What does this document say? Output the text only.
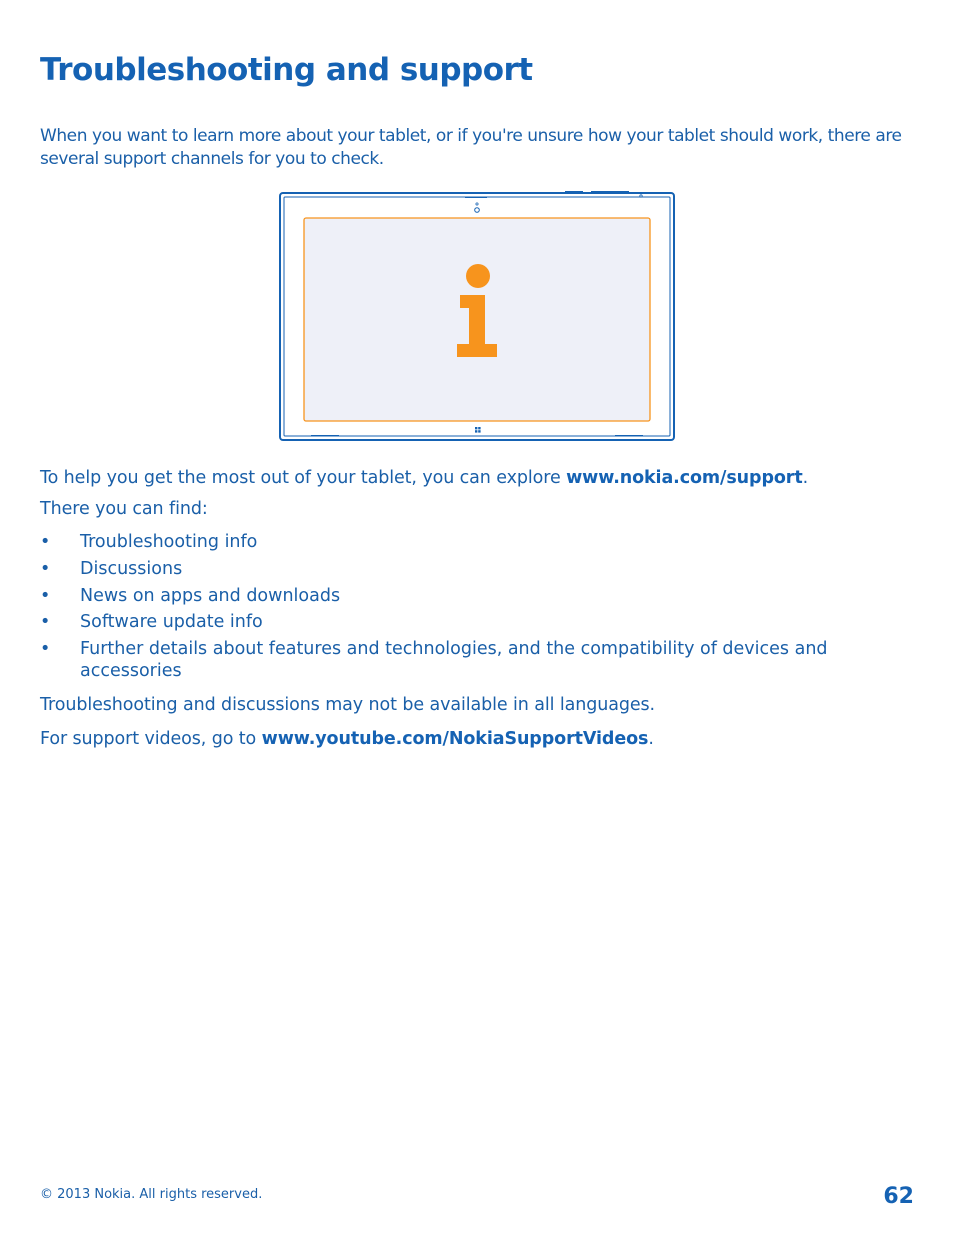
Troubleshooting and support

When you want to learn more about your tablet, or if you're unsure how your tablet should work, there are several support channels for you to check.

To help you get the most out of your tablet, you can explore www.nokia.com/support.

There you can find:

• Troubleshooting info
• Discussions
• News on apps and downloads
• Software update info
• Further details about features and technologies, and the compatibility of devices and accessories

Troubleshooting and discussions may not be available in all languages.

For support videos, go to www.youtube.com/NokiaSupportVideos.

© 2013 Nokia. All rights reserved.	62
